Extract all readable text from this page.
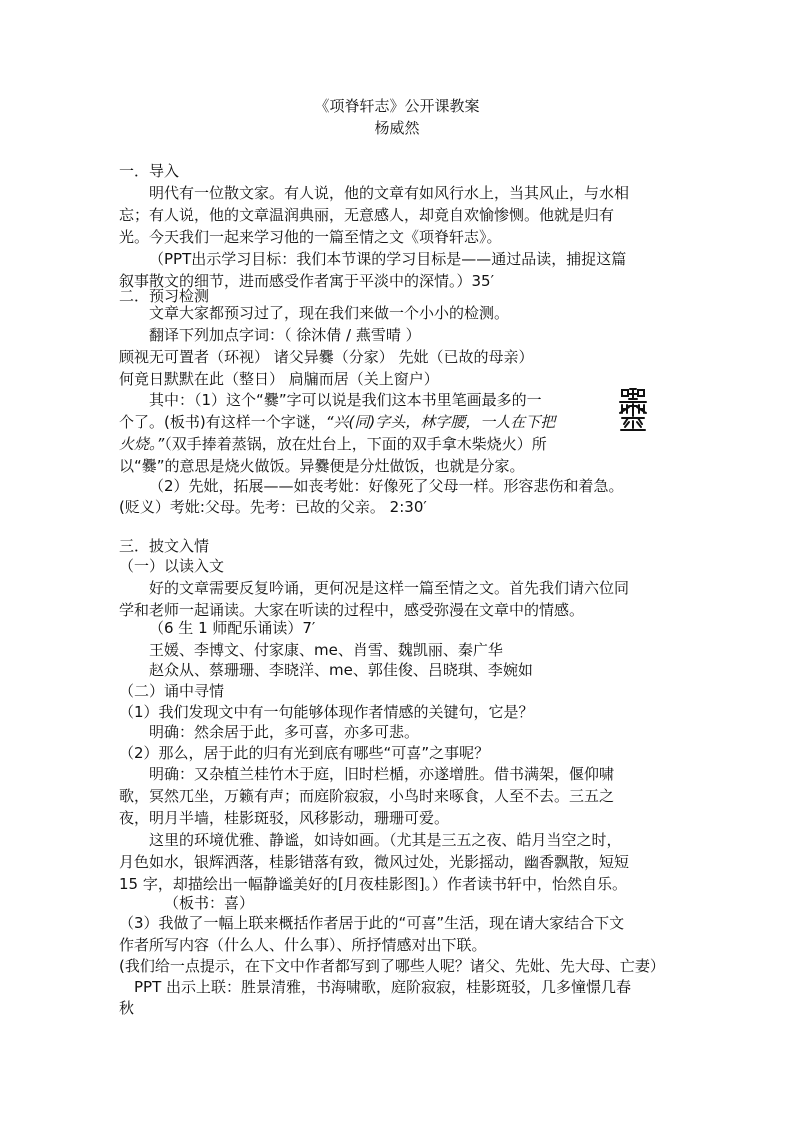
《项脊轩志》公开课教案
杨威然
一．导入
明代有一位散文家。有人说，他的文章有如风行水上，当其风止，与水相
忘；有人说，他的文章温润典丽，无意感人，却竟自欢愉惨恻。他就是归有
光。今天我们一起来学习他的一篇至情之文《项脊轩志》。
（PPT出示学习目标：我们本节课的学习目标是——通过品读，捕捉这篇
叙事散文的细节，进而感受作者寓于平淡中的深情。）35′
二．预习检测
文章大家都预习过了，现在我们来做一个小小的检测。
翻译下列加点字词：（ 徐沐倩 / 燕雪晴 ）
顾视无可置者（环视） 诸父异爨（分家） 先妣（已故的母亲）
何竟日默默在此（整日） 扃牖而居（关上窗户）
其中：（1）这个“爨”字可以说是我们这本书里笔画最多的一
个了。(板书)有这样一个字谜，“兴(同)字头，林字腰，一人在下把
火烧。”（双手捧着蒸锅，放在灶台上，下面的双手拿木柴烧火）所
以“爨”的意思是烧火做饭。异爨便是分灶做饭，也就是分家。
（2）先妣，拓展——如丧考妣：好像死了父母一样。形容悲伤和着急。
(贬义）考妣:父母。先考：已故的父亲。 2:30′
三．披文入情
（一）以读入文
好的文章需要反复吟诵，更何况是这样一篇至情之文。首先我们请六位同
学和老师一起诵读。大家在听读的过程中，感受弥漫在文章中的情感。
（6 生 1 师配乐诵读）7′
王媛、李博文、付家康、me、肖雪、魏凯丽、秦广华
赵众从、蔡珊珊、李晓洋、me、郭佳俊、吕晓琪、李婉如
（二）诵中寻情
（1）我们发现文中有一句能够体现作者情感的关键句，它是？
明确：然余居于此，多可喜，亦多可悲。
（2）那么，居于此的归有光到底有哪些“可喜”之事呢？
明确：又杂植兰桂竹木于庭，旧时栏楯，亦遂增胜。借书满架，偃仰啸
歌，冥然兀坐，万籁有声；而庭阶寂寂，小鸟时来啄食，人至不去。三五之
夜，明月半墙，桂影斑驳，风移影动，珊珊可爱。
这里的环境优雅、静谧，如诗如画。（尤其是三五之夜、皓月当空之时，
月色如水，银辉洒落，桂影错落有致，微风过处，光影摇动，幽香飘散，短短
15 字，却描绘出一幅静谧美好的[月夜桂影图]。）作者读书轩中，怡然自乐。
（板书：喜）
（3）我做了一幅上联来概括作者居于此的“可喜”生活，现在请大家结合下文
作者所写内容（什么人、什么事）、所抒情感对出下联。
(我们给一点提示，在下文中作者都写到了哪些人呢？诸父、先妣、先大母、亡妻）
PPT 出示上联：胜景清雅，书海啸歌，庭阶寂寂，桂影斑驳，几多憧憬几春
秋
